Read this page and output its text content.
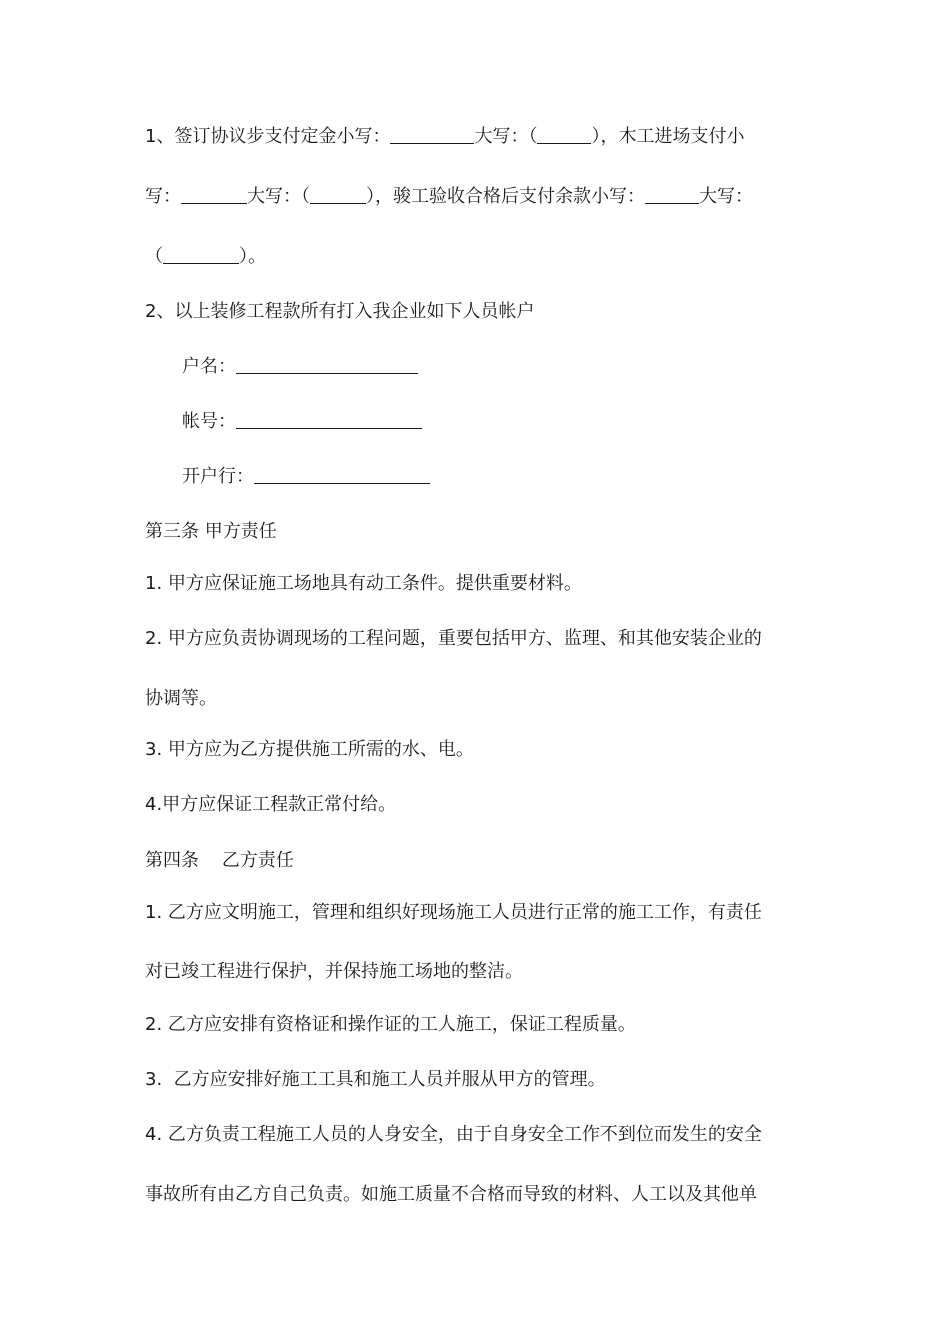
1、签订协议步支付定金小写：	大写：（	），木工进场支付小
写：	大写：（	），骏工验收合格后支付余款小写：	大写：
（	）。
2、以上装修工程款所有打入我企业如下人员帐户
户名：
帐号：
开户行：
第三条 甲方责任
1. 甲方应保证施工场地具有动工条件。提供重要材料。
2. 甲方应负责协调现场的工程问题，重要包括甲方、监理、和其他安装企业的
协调等。
3. 甲方应为乙方提供施工所需的水、电。
4.甲方应保证工程款正常付给。
第四条    乙方责任
1. 乙方应文明施工，管理和组织好现场施工人员进行正常的施工工作，有责任
对已竣工程进行保护，并保持施工场地的整洁。
2. 乙方应安排有资格证和操作证的工人施工，保证工程质量。
3.  乙方应安排好施工工具和施工人员并服从甲方的管理。
4. 乙方负责工程施工人员的人身安全，由于自身安全工作不到位而发生的安全
事故所有由乙方自己负责。如施工质量不合格而导致的材料、人工以及其他单
